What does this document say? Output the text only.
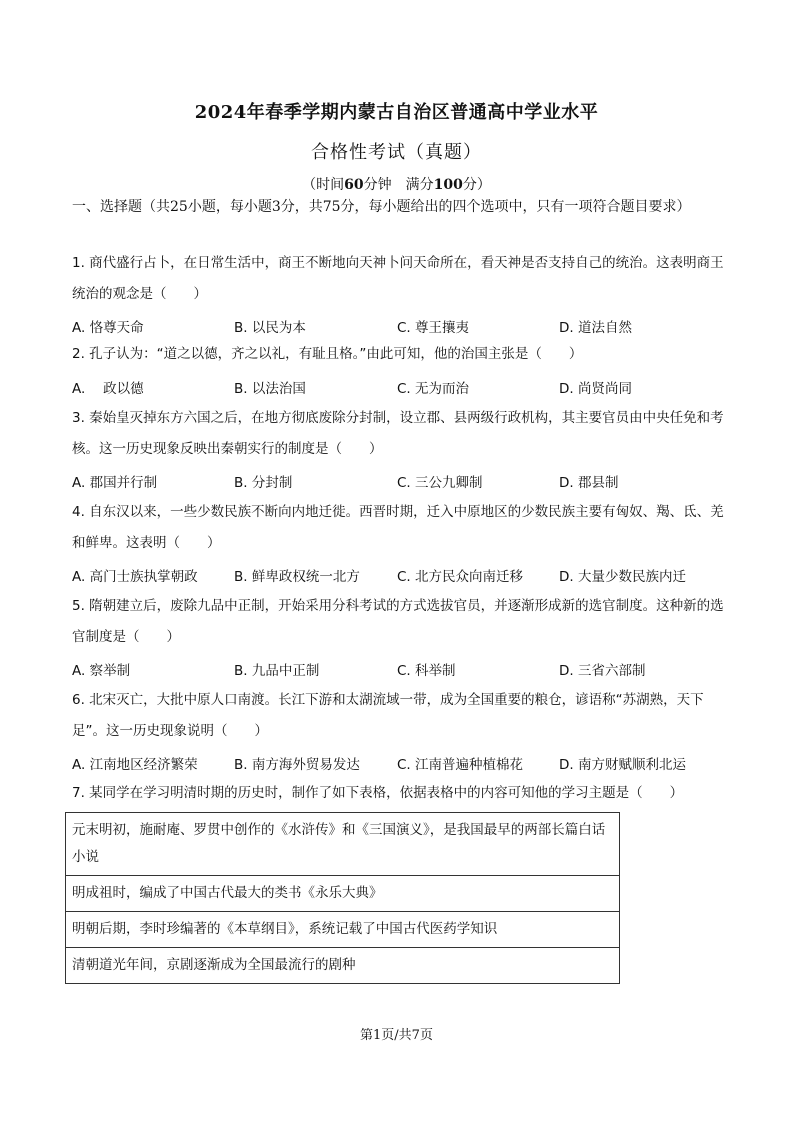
2024年春季学期内蒙古自治区普通高中学业水平
合格性考试（真题）
（时间60分钟　满分100分）
一、选择题（共25小题，每小题3分，共75分，每小题给出的四个选项中，只有一项符合题目要求）
1. 商代盛行占卜，在日常生活中，商王不断地向天神卜问天命所在，看天神是否支持自己的统治。这表明商王统治的观念是（　　）
A. 恪尊天命	B. 以民为本	C. 尊王攘夷	D. 道法自然
2. 孔子认为：“道之以德，齐之以礼，有耻且格。”由此可知，他的治国主张是（　　）
A.　 政以德	B. 以法治国	C. 无为而治	D. 尚贤尚同
3. 秦始皇灭掉东方六国之后，在地方彻底废除分封制，设立郡、县两级行政机构，其主要官员由中央任免和考核。这一历史现象反映出秦朝实行的制度是（　　）
A. 郡国并行制	B. 分封制	C. 三公九卿制	D. 郡县制
4. 自东汉以来，一些少数民族不断向内地迁徙。西晋时期，迁入中原地区的少数民族主要有匈奴、羯、氐、羌和鲜卑。这表明（　　）
A. 高门士族执掌朝政	B. 鲜卑政权统一北方	C. 北方民众向南迁移	D. 大量少数民族内迁
5. 隋朝建立后，废除九品中正制，开始采用分科考试的方式选拔官员，并逐渐形成新的选官制度。这种新的选官制度是（　　）
A. 察举制	B. 九品中正制	C. 科举制	D. 三省六部制
6. 北宋灭亡，大批中原人口南渡。长江下游和太湖流域一带，成为全国重要的粮仓，谚语称“苏湖熟，天下足”。这一历史现象说明（　　）
A. 江南地区经济繁荣	B. 南方海外贸易发达	C. 江南普遍种植棉花	D. 南方财赋顺利北运
7. 某同学在学习明清时期的历史时，制作了如下表格，依据表格中的内容可知他的学习主题是（　　）
元末明初，施耐庵、罗贯中创作的《水浒传》和《三国演义》，是我国最早的两部长篇白话小说
明成祖时，编成了中国古代最大的类书《永乐大典》
明朝后期，李时珍编著的《本草纲目》，系统记载了中国古代医药学知识
清朝道光年间，京剧逐渐成为全国最流行的剧种
第1页/共7页
